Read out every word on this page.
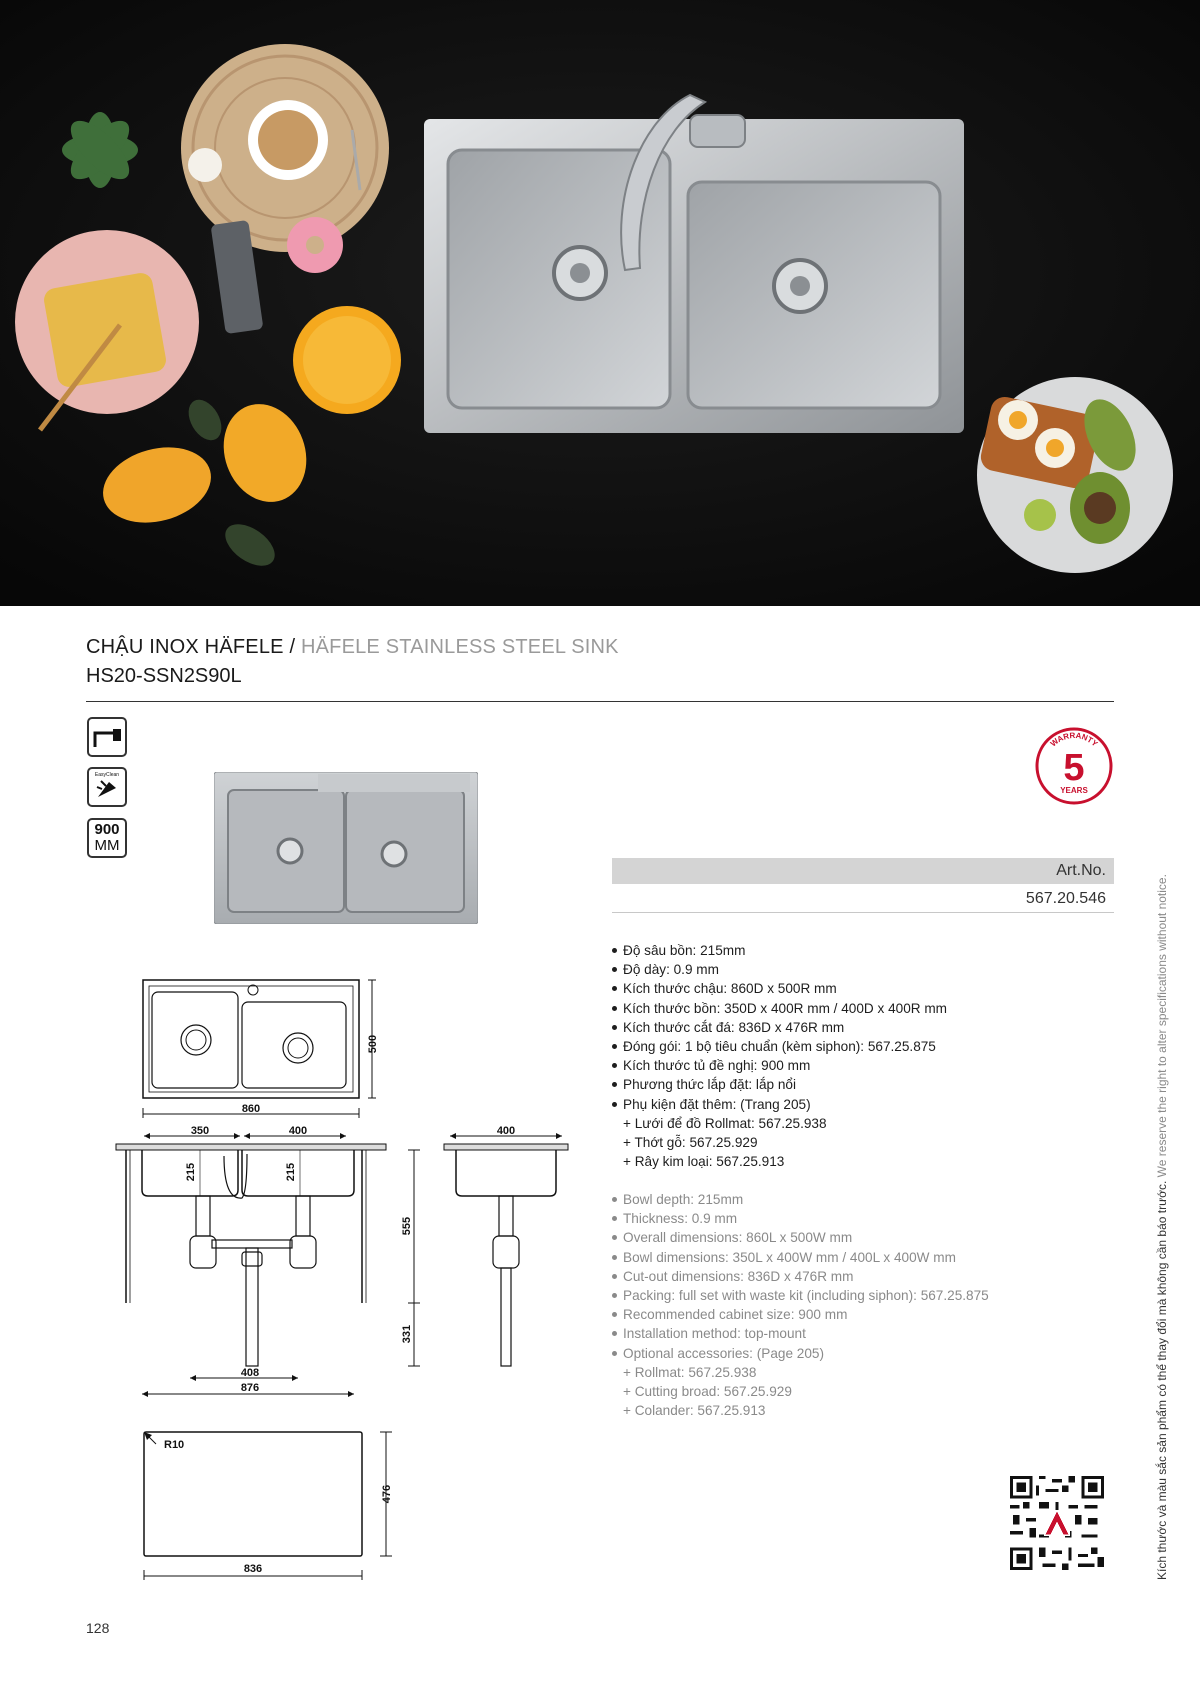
CHẬU INOX HÄFELE / HÄFELE STAINLESS STEEL SINK
HS20-SSN2S90L
EasyClean
900
MM
WARRANTY
5
YEARS
Art.No.
567.20.546
Độ sâu bồn: 215mm
Độ dày: 0.9 mm
Kích thước chậu: 860D x 500R mm
Kích thước bồn: 350D x 400R mm / 400D x 400R mm
Kích thước cắt đá: 836D x 476R mm
Đóng gói: 1 bộ tiêu chuẩn (kèm siphon): 567.25.875
Kích thước tủ đề nghị: 900 mm
Phương thức lắp đặt: lắp nổi
Phụ kiện đặt thêm: (Trang 205)
+ Lưới để đồ Rollmat: 567.25.938
+ Thớt gỗ: 567.25.929
+ Rây kim loại: 567.25.913
Bowl depth: 215mm
Thickness: 0.9 mm
Overall dimensions: 860L x 500W mm
Bowl dimensions: 350L x 400W mm / 400L x 400W mm
Cut-out dimensions: 836D x 476R mm
Packing: full set with waste kit (including siphon): 567.25.875
Recommended cabinet size: 900 mm
Installation method: top-mount
Optional accessories: (Page 205)
+ Rollmat: 567.25.938
+ Cutting broad: 567.25.929
+ Colander: 567.25.913
500
860
350	400
215	215
555
331
408
876
400
R10
476
836	Kích thước và màu sắc sản phẩm có thể thay đổi mà không cần báo trước. We reserve the right to alter specifications without notice.
128
